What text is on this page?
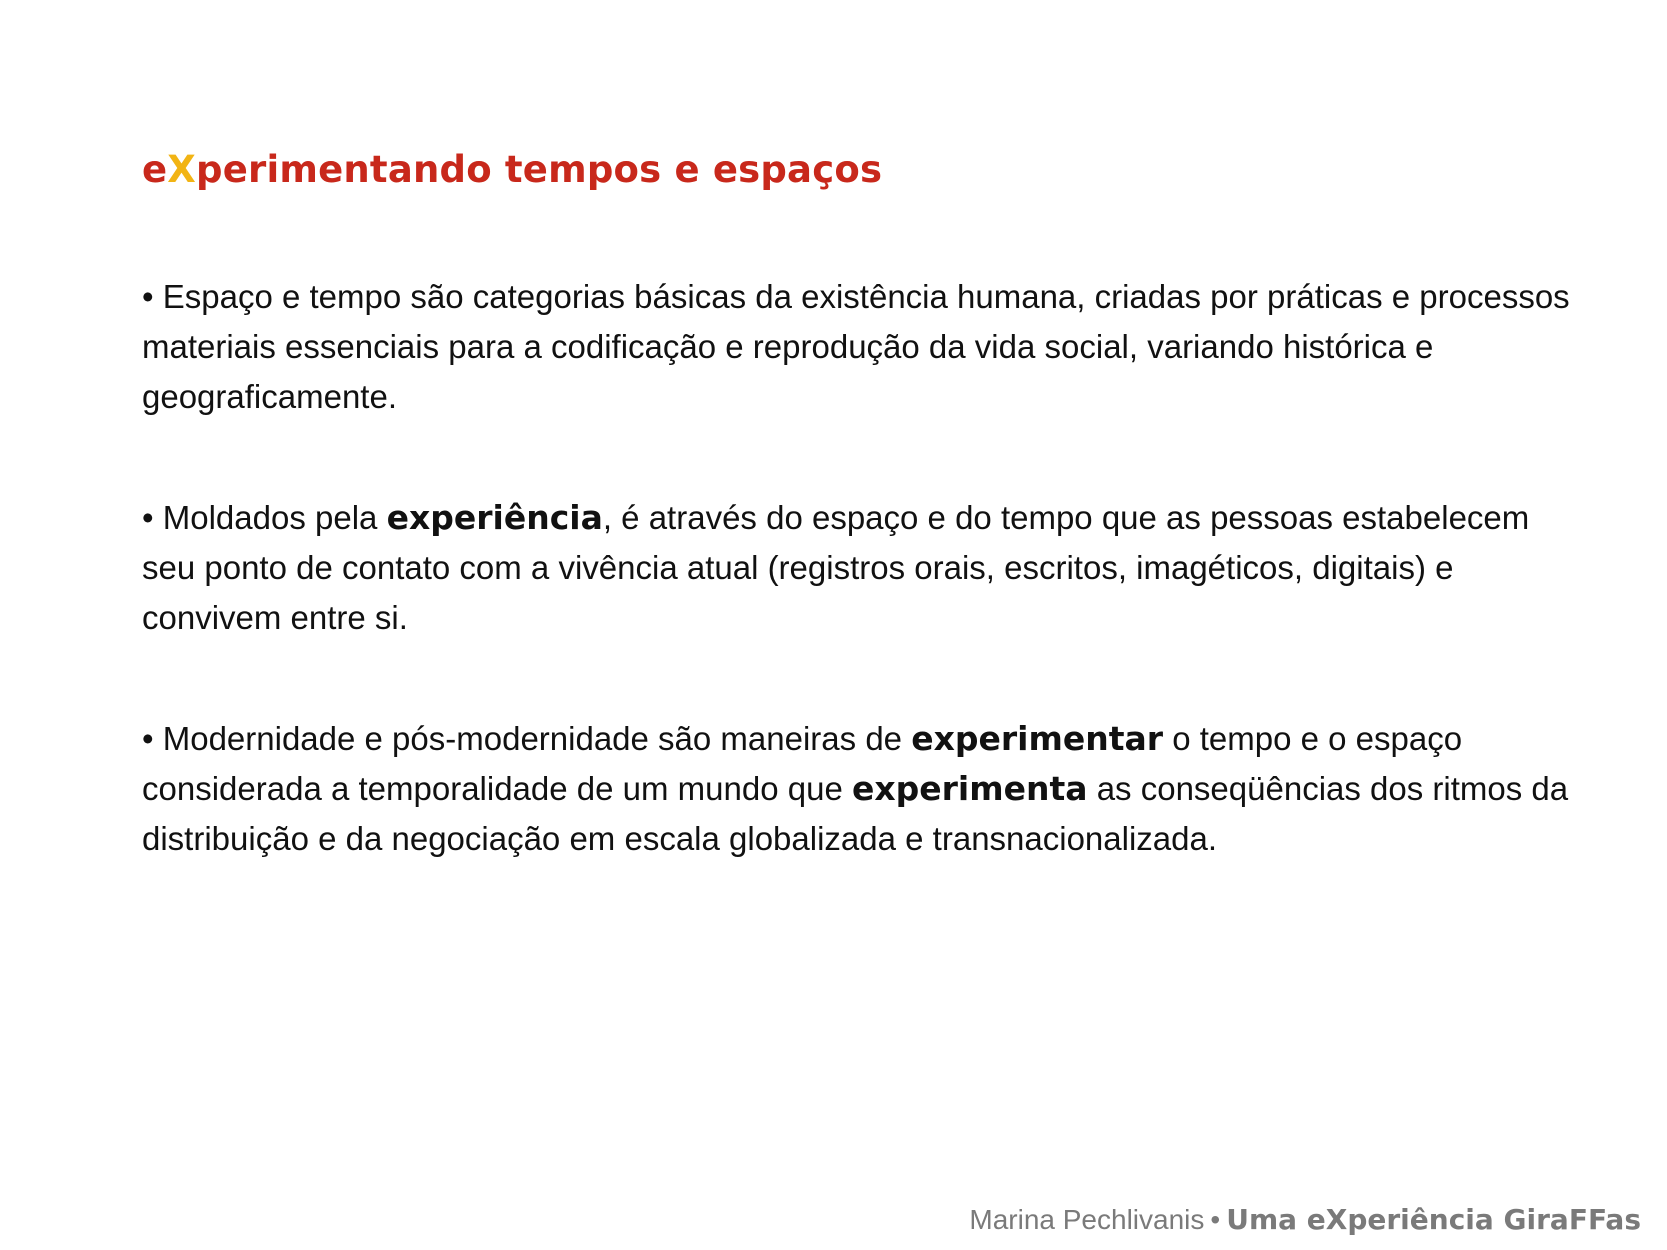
eXperimentando tempos e espaços
• Espaço e tempo são categorias básicas da existência humana, criadas por práticas e processos materiais essenciais para a codificação e reprodução da vida social, variando histórica e geograficamente.
• Moldados pela experiência, é através do espaço e do tempo que as pessoas estabelecem seu ponto de contato com a vivência atual (registros orais, escritos, imagéticos, digitais) e convivem entre si.
• Modernidade e pós-modernidade são maneiras de experimentar o tempo e o espaço considerada a temporalidade de um mundo que experimenta as conseqüências dos ritmos da distribuição e da negociação em escala globalizada e transnacionalizada.
Marina Pechlivanis • Uma eXperiência GiraFFas
